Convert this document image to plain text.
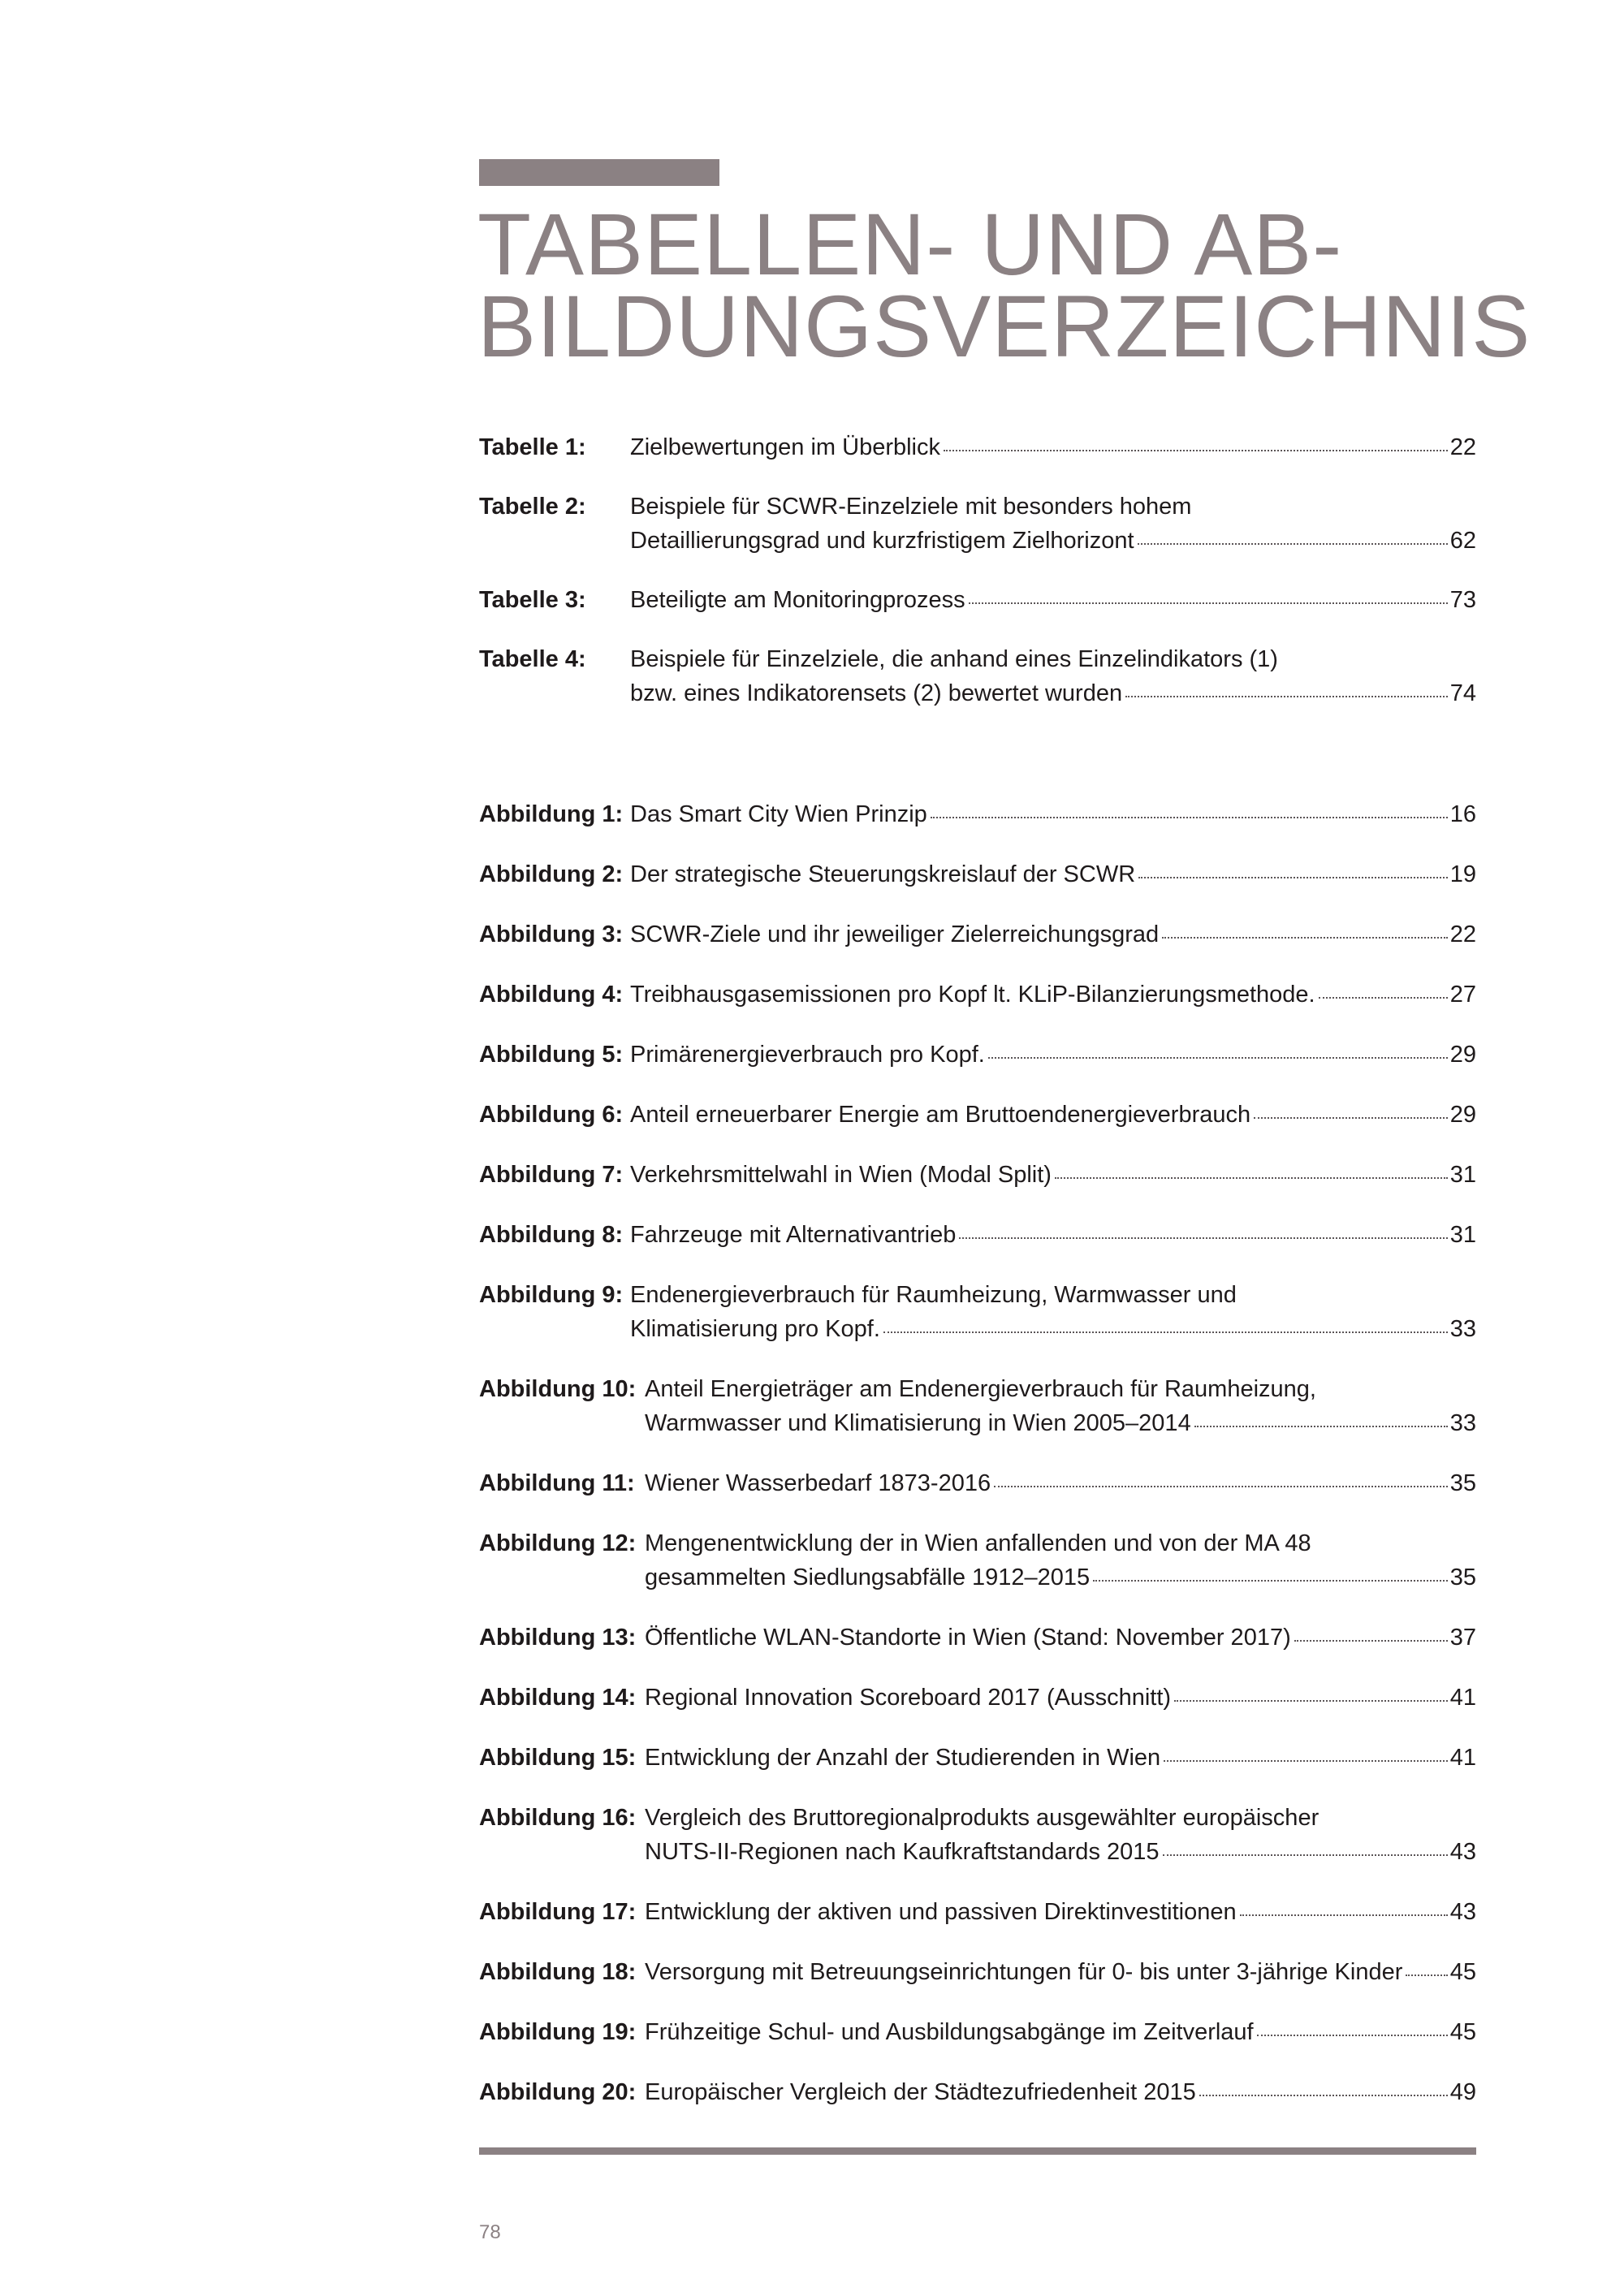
TABELLEN- UND AB-
BILDUNGSVERZEICHNIS
Tabelle 1: Zielbewertungen im Überblick	22
Tabelle 2: Beispiele für SCWR-Einzelziele mit besonders hohem
Detaillierungsgrad und kurzfristigem Zielhorizont	62
Tabelle 3: Beteiligte am Monitoringprozess	73
Tabelle 4: Beispiele für Einzelziele, die anhand eines Einzelindikators (1)
bzw. eines Indikatorensets (2) bewertet wurden	74
Abbildung 1: Das Smart City Wien Prinzip	16
Abbildung 2: Der strategische Steuerungskreislauf der SCWR	19
Abbildung 3: SCWR-Ziele und ihr jeweiliger Zielerreichungsgrad	22
Abbildung 4: Treibhausgasemissionen pro Kopf lt. KLiP-Bilanzierungsmethode.	27
Abbildung 5: Primärenergieverbrauch pro Kopf.	29
Abbildung 6: Anteil erneuerbarer Energie am Bruttoendenergieverbrauch	29
Abbildung 7: Verkehrsmittelwahl in Wien (Modal Split)	31
Abbildung 8: Fahrzeuge mit Alternativantrieb	31
Abbildung 9: Endenergieverbrauch für Raumheizung, Warmwasser und
Klimatisierung pro Kopf.	33
Abbildung 10: Anteil Energieträger am Endenergieverbrauch für Raumheizung,
Warmwasser und Klimatisierung in Wien 2005–2014	33
Abbildung 11: Wiener Wasserbedarf 1873-2016	35
Abbildung 12: Mengenentwicklung der in Wien anfallenden und von der MA 48
gesammelten Siedlungsabfälle 1912–2015	35
Abbildung 13: Öffentliche WLAN-Standorte in Wien (Stand: November 2017)	37
Abbildung 14: Regional Innovation Scoreboard 2017 (Ausschnitt)	41
Abbildung 15: Entwicklung der Anzahl der Studierenden in Wien	41
Abbildung 16: Vergleich des Bruttoregionalprodukts ausgewählter europäischer
NUTS-II-Regionen nach Kaufkraftstandards 2015	43
Abbildung 17: Entwicklung der aktiven und passiven Direktinvestitionen	43
Abbildung 18: Versorgung mit Betreuungseinrichtungen für 0- bis unter 3-jährige Kinder 45
Abbildung 19: Frühzeitige Schul- und Ausbildungsabgänge im Zeitverlauf	45
Abbildung 20: Europäischer Vergleich der Städtezufriedenheit 2015	49
78
